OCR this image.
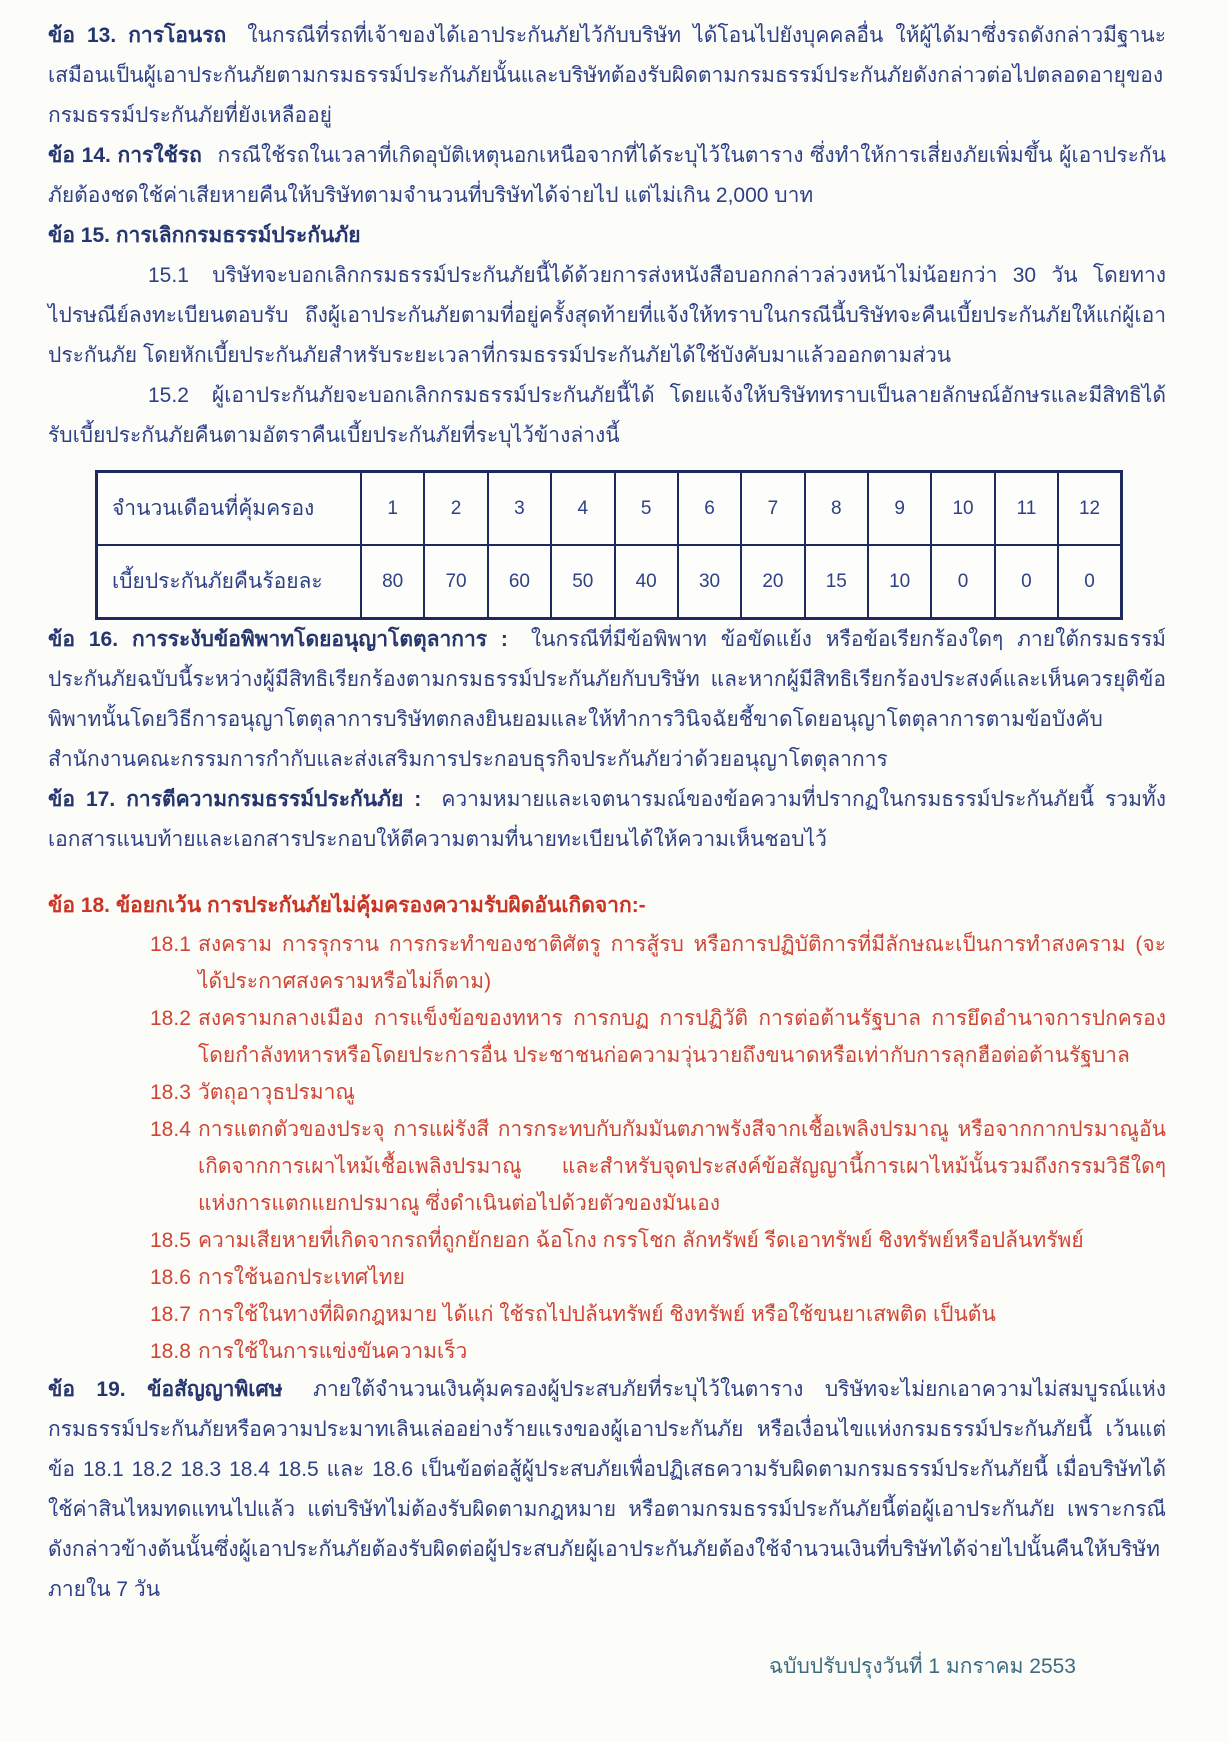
ข้อ 13. การโอนรถ ในกรณีที่รถที่เจ้าของได้เอาประกันภัยไว้กับบริษัท ได้โอนไปยังบุคคลอื่น ให้ผู้ได้มาซึ่งรถดังกล่าวมีฐานะเสมือนเป็นผู้เอาประกันภัยตามกรมธรรม์ประกันภัยนั้นและบริษัทต้องรับผิดตามกรมธรรม์ประกันภัยดังกล่าวต่อไปตลอดอายุของกรมธรรม์ประกันภัยที่ยังเหลืออยู่

ข้อ 14. การใช้รถ กรณีใช้รถในเวลาที่เกิดอุบัติเหตุนอกเหนือจากที่ได้ระบุไว้ในตาราง ซึ่งทำให้การเสี่ยงภัยเพิ่มขึ้น ผู้เอาประกันภัยต้องชดใช้ค่าเสียหายคืนให้บริษัทตามจำนวนที่บริษัทได้จ่ายไป แต่ไม่เกิน 2,000 บาท

ข้อ 15. การเลิกกรมธรรม์ประกันภัย

15.1 บริษัทจะบอกเลิกกรมธรรม์ประกันภัยนี้ได้ด้วยการส่งหนังสือบอกกล่าวล่วงหน้าไม่น้อยกว่า 30 วัน โดยทางไปรษณีย์ลงทะเบียนตอบรับ ถึงผู้เอาประกันภัยตามที่อยู่ครั้งสุดท้ายที่แจ้งให้ทราบในกรณีนี้บริษัทจะคืนเบี้ยประกันภัยให้แก่ผู้เอาประกันภัย โดยหักเบี้ยประกันภัยสำหรับระยะเวลาที่กรมธรรม์ประกันภัยได้ใช้บังคับมาแล้วออกตามส่วน

15.2 ผู้เอาประกันภัยจะบอกเลิกกรมธรรม์ประกันภัยนี้ได้ โดยแจ้งให้บริษัททราบเป็นลายลักษณ์อักษรและมีสิทธิได้รับเบี้ยประกันภัยคืนตามอัตราคืนเบี้ยประกันภัยที่ระบุไว้ข้างล่างนี้

จำนวนเดือนที่คุ้มครอง	1	2	3	4	5	6	7	8	9	10	11	12
เบี้ยประกันภัยคืนร้อยละ	80	70	60	50	40	30	20	15	10	0	0	0

ข้อ 16. การระงับข้อพิพาทโดยอนุญาโตตุลาการ : ในกรณีที่มีข้อพิพาท ข้อขัดแย้ง หรือข้อเรียกร้องใดๆ ภายใต้กรมธรรม์ประกันภัยฉบับนี้ระหว่างผู้มีสิทธิเรียกร้องตามกรมธรรม์ประกันภัยกับบริษัท และหากผู้มีสิทธิเรียกร้องประสงค์และเห็นควรยุติข้อพิพาทนั้นโดยวิธีการอนุญาโตตุลาการบริษัทตกลงยินยอมและให้ทำการวินิจฉัยชี้ขาดโดยอนุญาโตตุลาการตามข้อบังคับสำนักงานคณะกรรมการกำกับและส่งเสริมการประกอบธุรกิจประกันภัยว่าด้วยอนุญาโตตุลาการ

ข้อ 17. การตีความกรมธรรม์ประกันภัย : ความหมายและเจตนารมณ์ของข้อความที่ปรากฏในกรมธรรม์ประกันภัยนี้ รวมทั้งเอกสารแนบท้ายและเอกสารประกอบให้ตีความตามที่นายทะเบียนได้ให้ความเห็นชอบไว้

ข้อ 18. ข้อยกเว้น การประกันภัยไม่คุ้มครองความรับผิดอันเกิดจาก:-

18.1 สงคราม การรุกราน การกระทำของชาติศัตรู การสู้รบ หรือการปฏิบัติการที่มีลักษณะเป็นการทำสงคราม (จะได้ประกาศสงครามหรือไม่ก็ตาม)
18.2 สงครามกลางเมือง การแข็งข้อของทหาร การกบฏ การปฏิวัติ การต่อต้านรัฐบาล การยึดอำนาจการปกครองโดยกำลังทหารหรือโดยประการอื่น ประชาชนก่อความวุ่นวายถึงขนาดหรือเท่ากับการลุกฮือต่อต้านรัฐบาล
18.3 วัตถุอาวุธปรมาณู
18.4 การแตกตัวของประจุ การแผ่รังสี การกระทบกับกัมมันตภาพรังสีจากเชื้อเพลิงปรมาณู หรือจากกากปรมาณูอันเกิดจากการเผาไหม้เชื้อเพลิงปรมาณู และสำหรับจุดประสงค์ข้อสัญญานี้การเผาไหม้นั้นรวมถึงกรรมวิธีใดๆ แห่งการแตกแยกปรมาณู ซึ่งดำเนินต่อไปด้วยตัวของมันเอง
18.5 ความเสียหายที่เกิดจากรถที่ถูกยักยอก ฉ้อโกง กรรโชก ลักทรัพย์ รีดเอาทรัพย์ ชิงทรัพย์หรือปล้นทรัพย์
18.6 การใช้นอกประเทศไทย
18.7 การใช้ในทางที่ผิดกฎหมาย ได้แก่ ใช้รถไปปล้นทรัพย์ ชิงทรัพย์ หรือใช้ขนยาเสพติด เป็นต้น
18.8 การใช้ในการแข่งขันความเร็ว

ข้อ 19. ข้อสัญญาพิเศษ ภายใต้จำนวนเงินคุ้มครองผู้ประสบภัยที่ระบุไว้ในตาราง บริษัทจะไม่ยกเอาความไม่สมบูรณ์แห่งกรมธรรม์ประกันภัยหรือความประมาทเลินเล่ออย่างร้ายแรงของผู้เอาประกันภัย หรือเงื่อนไขแห่งกรมธรรม์ประกันภัยนี้ เว้นแต่ข้อ 18.1 18.2 18.3 18.4 18.5 และ 18.6 เป็นข้อต่อสู้ผู้ประสบภัยเพื่อปฏิเสธความรับผิดตามกรมธรรม์ประกันภัยนี้ เมื่อบริษัทได้ใช้ค่าสินไหมทดแทนไปแล้ว แต่บริษัทไม่ต้องรับผิดตามกฎหมาย หรือตามกรมธรรม์ประกันภัยนี้ต่อผู้เอาประกันภัย เพราะกรณีดังกล่าวข้างต้นนั้นซึ่งผู้เอาประกันภัยต้องรับผิดต่อผู้ประสบภัยผู้เอาประกันภัยต้องใช้จำนวนเงินที่บริษัทได้จ่ายไปนั้นคืนให้บริษัทภายใน 7 วัน

ฉบับปรับปรุงวันที่ 1 มกราคม 2553
